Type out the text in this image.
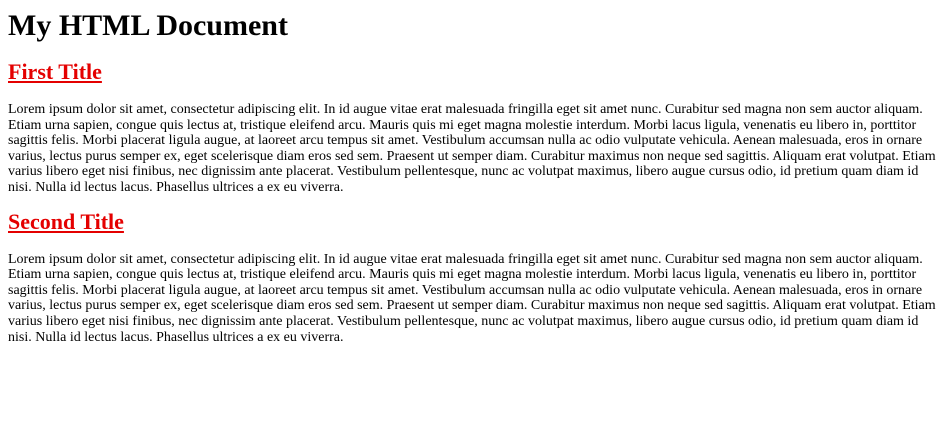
My HTML Document
First Title

Lorem ipsum dolor sit amet, consectetur adipiscing elit. In id augue vitae erat malesuada fringilla eget sit amet nunc. Curabitur sed magna non sem auctor aliquam. Etiam urna sapien, congue quis lectus at, tristique eleifend arcu. Mauris quis mi eget magna molestie interdum. Morbi lacus ligula, venenatis eu libero in, porttitor sagittis felis. Morbi placerat ligula augue, at laoreet arcu tempus sit amet. Vestibulum accumsan nulla ac odio vulputate vehicula. Aenean malesuada, eros in ornare varius, lectus purus semper ex, eget scelerisque diam eros sed sem. Praesent ut semper diam. Curabitur maximus non neque sed sagittis. Aliquam erat volutpat. Etiam varius libero eget nisi finibus, nec dignissim ante placerat. Vestibulum pellentesque, nunc ac volutpat maximus, libero augue cursus odio, id pretium quam diam id nisi. Nulla id lectus lacus. Phasellus ultrices a ex eu viverra.

Second Title

Lorem ipsum dolor sit amet, consectetur adipiscing elit. In id augue vitae erat malesuada fringilla eget sit amet nunc. Curabitur sed magna non sem auctor aliquam. Etiam urna sapien, congue quis lectus at, tristique eleifend arcu. Mauris quis mi eget magna molestie interdum. Morbi lacus ligula, venenatis eu libero in, porttitor sagittis felis. Morbi placerat ligula augue, at laoreet arcu tempus sit amet. Vestibulum accumsan nulla ac odio vulputate vehicula. Aenean malesuada, eros in ornare varius, lectus purus semper ex, eget scelerisque diam eros sed sem. Praesent ut semper diam. Curabitur maximus non neque sed sagittis. Aliquam erat volutpat. Etiam varius libero eget nisi finibus, nec dignissim ante placerat. Vestibulum pellentesque, nunc ac volutpat maximus, libero augue cursus odio, id pretium quam diam id nisi. Nulla id lectus lacus. Phasellus ultrices a ex eu viverra.
